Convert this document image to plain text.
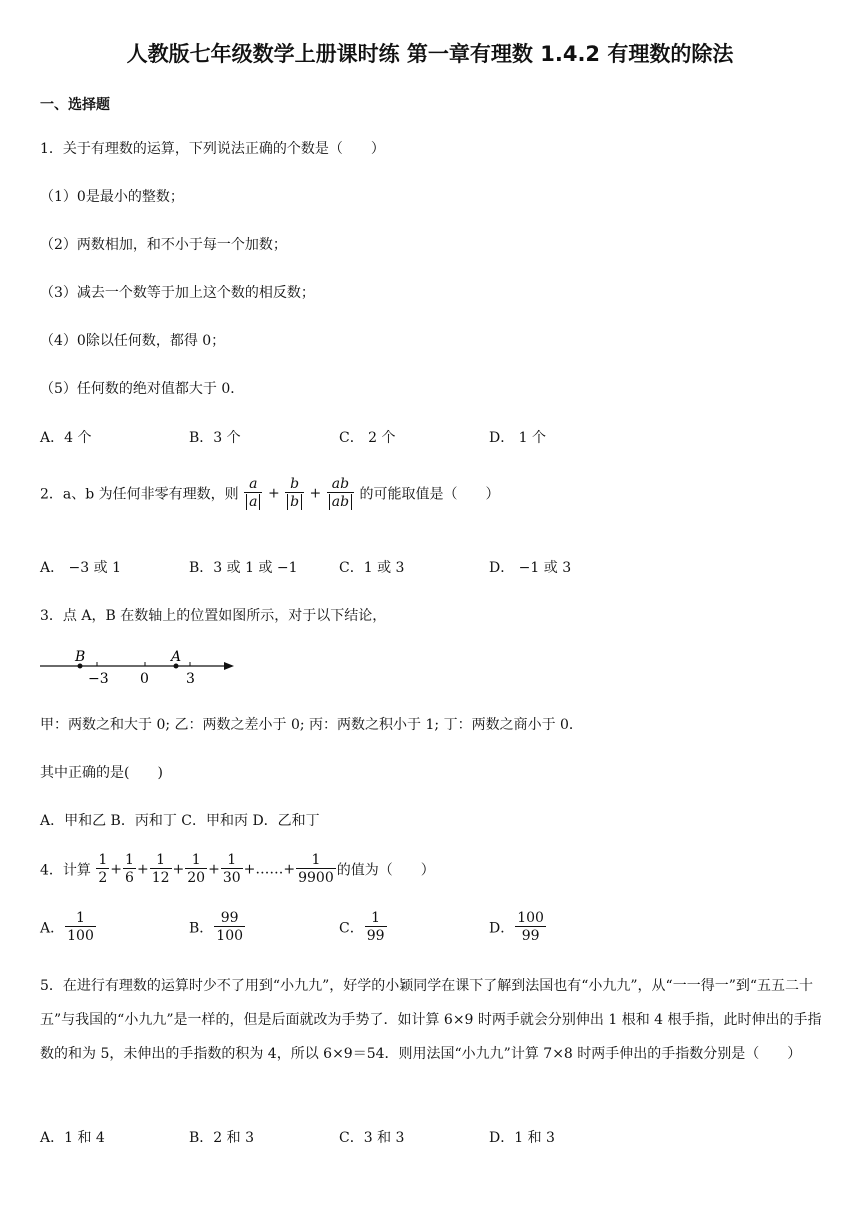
人教版七年级数学上册课时练 第一章有理数 1.4.2 有理数的除法
一、选择题
1．关于有理数的运算，下列说法正确的个数是（　　）
（1）0是最小的整数；
（2）两数相加，和不小于每一个加数；
（3）减去一个数等于加上这个数的相反数；
（4）0除以任何数，都得 0；
（5）任何数的绝对值都大于 0．
A．4 个	B．3 个	C． 2 个	D． 1 个
2．a、b 为任何非零有理数，则 $\frac{a}{a} + \frac{b}{b} + \frac{ab}{ab}$ 的可能取值是（　　）
A． −3 或 1	B．3 或 1 或 −1	C．1 或 3	D． −1 或 3
3．点 A，B 在数轴上的位置如图所示，对于以下结论，
B	A
−3 0	3
甲：两数之和大于 0; 乙：两数之差小于 0; 丙：两数之积小于 1; 丁：两数之商小于 0．
其中正确的是(　　)
A．甲和乙 B．丙和丁 C．甲和丙 D．乙和丁
4．计算 $\frac{1}{2} + \frac{1}{6} + \frac{1}{12} + \frac{1}{20} + \frac{1}{30}$ +……+ $\frac{1}{9900}$ 的值为（　　）
A． $\frac{1}{100}$	B． $\frac{99}{100}$	C． $\frac{1}{99}$	D． $\frac{100}{99}$
5．在进行有理数的运算时少不了用到“小九九”，好学的小颖同学在课下了解到法国也有“小九九”，从“一一得一”到“五五二十五”与我国的“小九九”是一样的，但是后面就改为手势了．如计算 6×9 时两手就会分别伸出 1 根和 4 根手指，此时伸出的手指数的和为 5，未伸出的手指数的积为 4，所以 6×9＝54．则用法国“小九九”计算 7×8 时两手伸出的手指数分别是（　　）
A．1 和 4	B．2 和 3	C．3 和 3	D．1 和 3
